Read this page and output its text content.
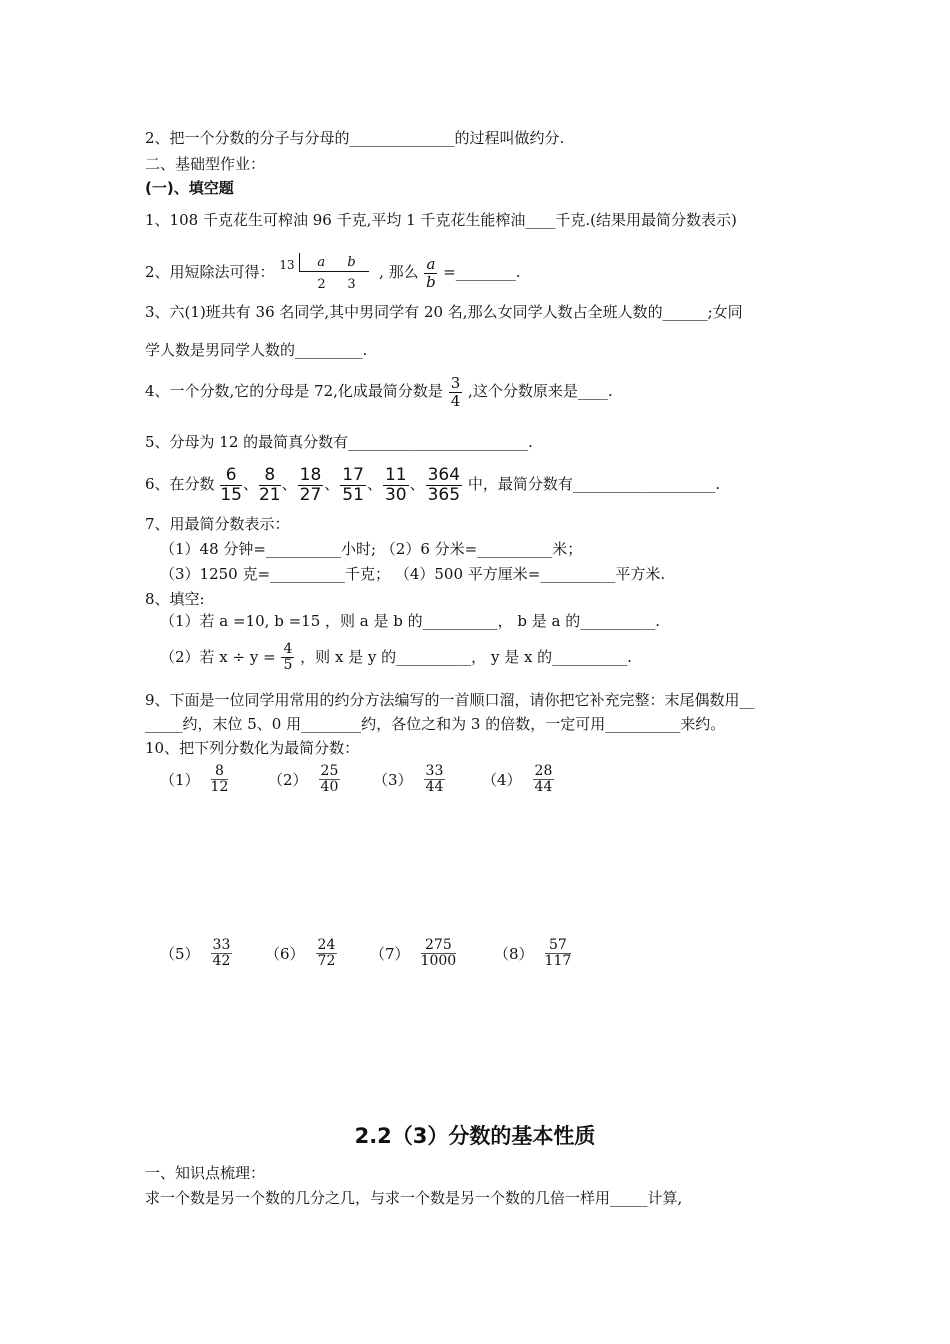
2、把一个分数的分子与分母的______________的过程叫做约分.
二、基础型作业：
(一)、填空题
1、108 千克花生可榨油 96 千克,平均 1 千克花生能榨油____千克.(结果用最简分数表示)
2、用短除法可得： 13 a b
2 3
, 那么 $\frac{a}{b}$ =________.
3、六(1)班共有 36 名同学,其中男同学有 20 名,那么女同学人数占全班人数的______;女同
学人数是男同学人数的_________.
4、一个分数,它的分母是 72,化成最简分数是 $\frac{3}{4}$ ,这个分数原来是____.
5、分母为 12 的最简真分数有________________________.
6、在分数 $\frac{6}{15}$ 、 $\frac{8}{21}$ 、 $\frac{18}{27}$ 、 $\frac{17}{51}$ 、 $\frac{11}{30}$ 、 $\frac{364}{365}$ 中，最简分数有___________________.
7、用最简分数表示：
（1）48 分钟=__________小时; （2）6 分米=__________米；
（3）1250 克=__________千克； （4）500 平方厘米=__________平方米.
8、填空:
（1）若 a =10, b =15 ，则 a 是 b 的__________， b 是 a 的__________.
（2）若 $x \div y = \frac{4}{5}$ ，则 x 是 y 的__________， y 是 x 的__________.
9、下面是一位同学用常用的约分方法编写的一首顺口溜，请你把它补充完整：末尾偶数用__
_____约，末位 5、0 用________约，各位之和为 3 的倍数，一定可用__________来约。
10、把下列分数化为最简分数：
$(1) \frac{8}{12}$	$(2) \frac{25}{40} (3) \frac{33}{44} (4) \frac{28}{44}$
$(5) \frac{33}{42} (6) \frac{24}{72} (7) \frac{275}{1000}$	$(8) \frac{57}{117}$
2.2（3）分数的基本性质
一、知识点梳理：
求一个数是另一个数的几分之几，与求一个数是另一个数的几倍一样用_____计算,
